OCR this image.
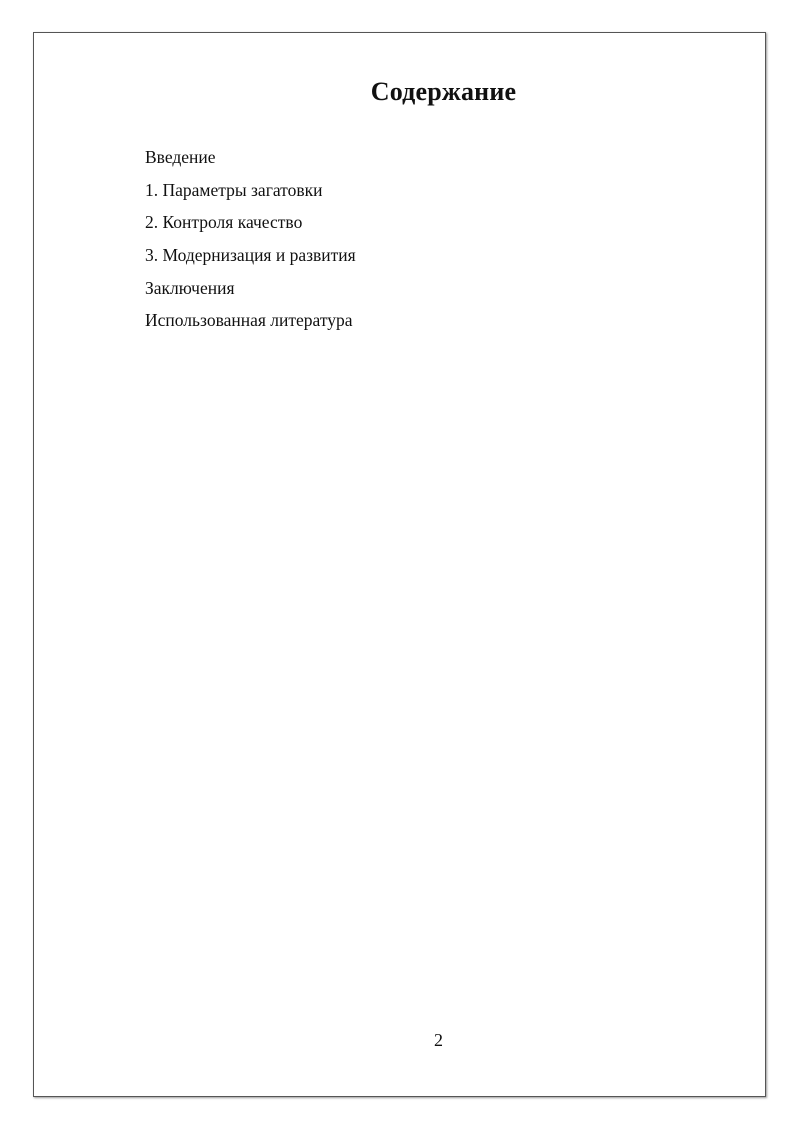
Содержание
Введение
1. Параметры загатовки
2. Контроля качество
3. Модернизация и развития
Заключения
Использованная литература
2
